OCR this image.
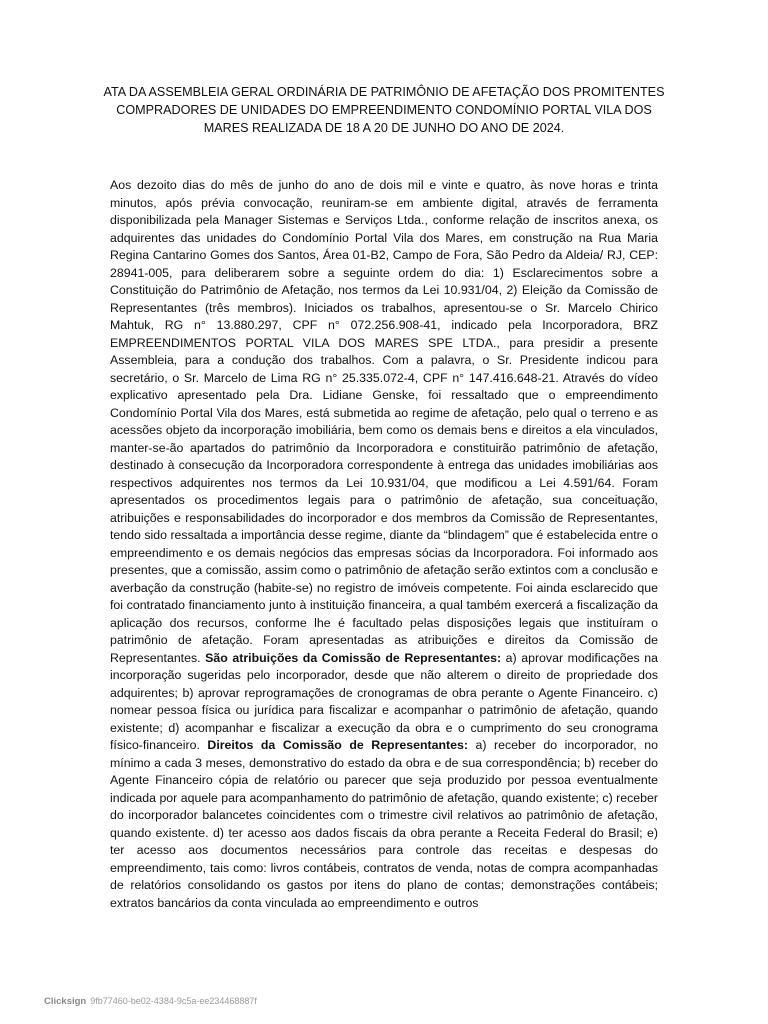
ATA DA ASSEMBLEIA GERAL ORDINÁRIA DE PATRIMÔNIO DE AFETAÇÃO DOS PROMITENTES
COMPRADORES DE UNIDADES DO EMPREENDIMENTO CONDOMÍNIO PORTAL VILA DOS
MARES REALIZADA DE 18 A 20 DE JUNHO DO ANO DE 2024.

Aos dezoito dias do mês de junho do ano de dois mil e vinte e quatro, às nove horas e trinta minutos, após prévia convocação, reuniram-se em ambiente digital, através de ferramenta disponibilizada pela Manager Sistemas e Serviços Ltda., conforme relação de inscritos anexa, os adquirentes das unidades do Condomínio Portal Vila dos Mares, em construção na Rua Maria Regina Cantarino Gomes dos Santos, Área 01-B2, Campo de Fora, São Pedro da Aldeia/ RJ, CEP: 28941-005, para deliberarem sobre a seguinte ordem do dia: 1) Esclarecimentos sobre a Constituição do Patrimônio de Afetação, nos termos da Lei 10.931/04, 2) Eleição da Comissão de Representantes (três membros). Iniciados os trabalhos, apresentou-se o Sr. Marcelo Chirico Mahtuk, RG n° 13.880.297, CPF n° 072.256.908-41, indicado pela Incorporadora, BRZ EMPREENDIMENTOS PORTAL VILA DOS MARES SPE LTDA., para presidir a presente Assembleia, para a condução dos trabalhos. Com a palavra, o Sr. Presidente indicou para secretário, o Sr. Marcelo de Lima RG n° 25.335.072-4, CPF n° 147.416.648-21. Através do vídeo explicativo apresentado pela Dra. Lidiane Genske, foi ressaltado que o empreendimento Condomínio Portal Vila dos Mares, está submetida ao regime de afetação, pelo qual o terreno e as acessões objeto da incorporação imobiliária, bem como os demais bens e direitos a ela vinculados, manter-se-ão apartados do patrimônio da Incorporadora e constituirão patrimônio de afetação, destinado à consecução da Incorporadora correspondente à entrega das unidades imobiliárias aos respectivos adquirentes nos termos da Lei 10.931/04, que modificou a Lei 4.591/64. Foram apresentados os procedimentos legais para o patrimônio de afetação, sua conceituação, atribuições e responsabilidades do incorporador e dos membros da Comissão de Representantes, tendo sido ressaltada a importância desse regime, diante da “blindagem” que é estabelecida entre o empreendimento e os demais negócios das empresas sócias da Incorporadora. Foi informado aos presentes, que a comissão, assim como o patrimônio de afetação serão extintos com a conclusão e averbação da construção (habite-se) no registro de imóveis competente. Foi ainda esclarecido que foi contratado financiamento junto à instituição financeira, a qual também exercerá a fiscalização da aplicação dos recursos, conforme lhe é facultado pelas disposições legais que instituíram o patrimônio de afetação. Foram apresentadas as atribuições e direitos da Comissão de Representantes. São atribuições da Comissão de Representantes: a) aprovar modificações na incorporação sugeridas pelo incorporador, desde que não alterem o direito de propriedade dos adquirentes; b) aprovar reprogramações de cronogramas de obra perante o Agente Financeiro. c) nomear pessoa física ou jurídica para fiscalizar e acompanhar o patrimônio de afetação, quando existente; d) acompanhar e fiscalizar a execução da obra e o cumprimento do seu cronograma físico-financeiro. Direitos da Comissão de Representantes: a) receber do incorporador, no mínimo a cada 3 meses, demonstrativo do estado da obra e de sua correspondência; b) receber do Agente Financeiro cópia de relatório ou parecer que seja produzido por pessoa eventualmente indicada por aquele para acompanhamento do patrimônio de afetação, quando existente; c) receber do incorporador balancetes coincidentes com o trimestre civil relativos ao patrimônio de afetação, quando existente. d) ter acesso aos dados fiscais da obra perante a Receita Federal do Brasil; e) ter acesso aos documentos necessários para controle das receitas e despesas do empreendimento, tais como: livros contábeis, contratos de venda, notas de compra acompanhadas de relatórios consolidando os gastos por itens do plano de contas; demonstrações contábeis; extratos bancários da conta vinculada ao empreendimento e outros

Clicksign 9fb77460-be02-4384-9c5a-ee234468887f
